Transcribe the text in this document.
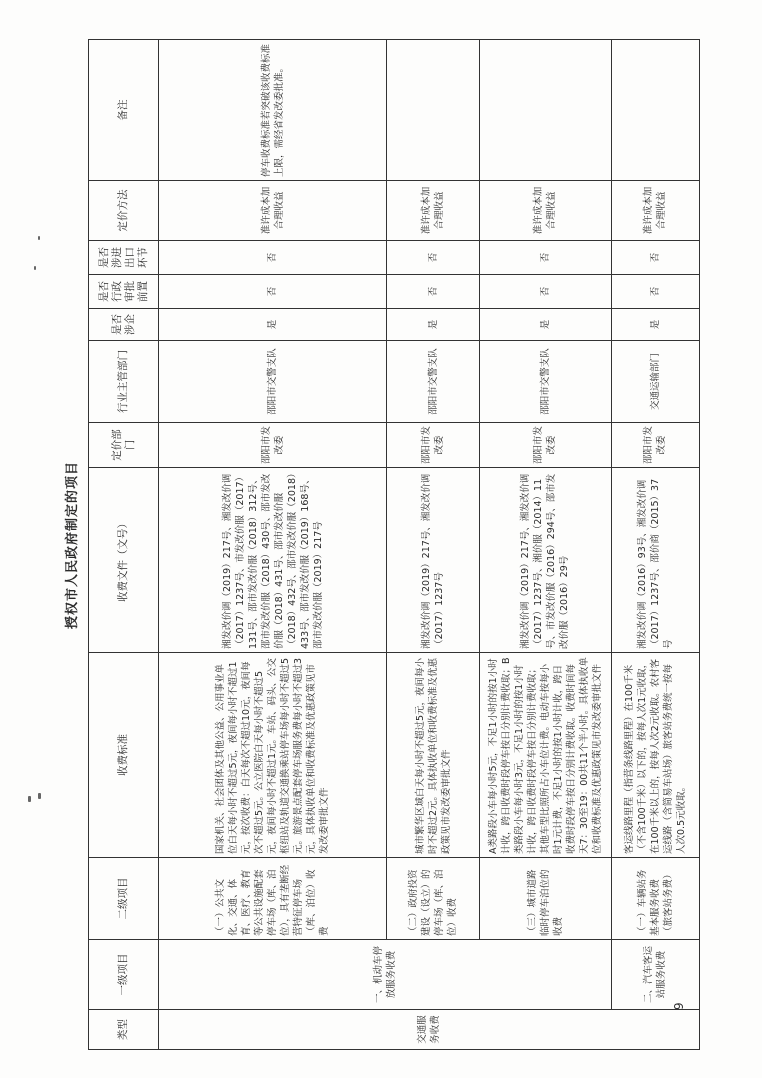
授权市人民政府制定的项目
类型	一级项目	二级项目	收费标准	收费文件（文号）	定价部门	行业主管部门	是否涉企	是否行政审批前置	是否涉进出口环节	定价方法	备注
交通服务收费	一、机动车停放服务收费	（一）公共文化、交通、体育、医疗、教育等公共设施配套停车场（库、泊位），具有垄断经营特征停车场（库、泊位）收费	国家机关、社会团体及其他公益、公用事业单位白天每小时不超过5元，夜间每小时不超过1元，按次收费：白天每次不超过10元，夜间每次不超过5元。公立医院白天每小时不超过5元，夜间每小时不超过1元。车站、码头、公交枢纽站及轨道交通换乘站停车场每小时不超过5元。旅游景点配套停车场服务费每小时不超过3元，具体执收单位和收费标准及优惠政策见市发改委审批文件	湘发改价调（2019）217号、湘发改价调（2017）1237号、市发改价服（2017）131号、邵市发改价服（2018）312号、邵市发改价服（2018）430号、邵市发改价服（2018）431号、邵市发改价服（2018）432号、邵市发改价服（2018）433号、邵市发改价服（2019）168号、邵市发改价服（2019）217号	邵阳市发改委	邵阳市交警支队	是	否	否	准许成本加合理收益	停车收费标准若突破该收费标准上限，需经省发改委批准。
		（二）政府投资建设（设立）的停车场（库、泊位）收费	城市繁华区域白天每小时不超过5元，夜间每小时不超过2元。具体执收单位和收费标准及优惠政策见市发改委审批文件	湘发改价调（2019）217号、湘发改价调（2017）1237号	邵阳市发改委	邵阳市交警支队	是	否	否	准许成本加合理收益	
		（三）城市道路临时停车泊位的收费	A类路段小车每小时5元，不足1小时的按1小时计收，跨日收费时段停车按日分别计费收取；B类路段小车每小时3元，不足1小时的按1小时计收，跨日收费时段停车按日分别计费收取；其他车型比照所占小车位计费。电动车按每小时1元计费，不足1小时的按1小时计收，跨日收费时段停车按日分别计费收取。收费时间每天7：30至19：00共11个半小时。具体执收单位和收费标准及优惠政策见市发改委审批文件	湘发改价调（2019）217号、湘发改价调（2017）1237号、湘价服（2014）11号、市发改价服（2016）294号、邵市发改价服（2016）29号	邵阳市发改委	邵阳市交警支队	是	否	否	准许成本加合理收益	
	二、汽车客运站服务收费	（一）车辆站务基本服务收费（旅客站务费）	客运线路里程（指营条线路里程）在100千米（不含100千米）以下的，按每人次1元收取，在100千米以上的，按每人次2元收取。农村客运线路（含简易车站场）旅客站务费统一按每人次0.5元收取。	湘发改价调（2016）93号、湘发改价调（2017）1237号、邵价商（2015）37号	邵阳市发改委	交通运输部门	是	否	否	准许成本加合理收益	
9
